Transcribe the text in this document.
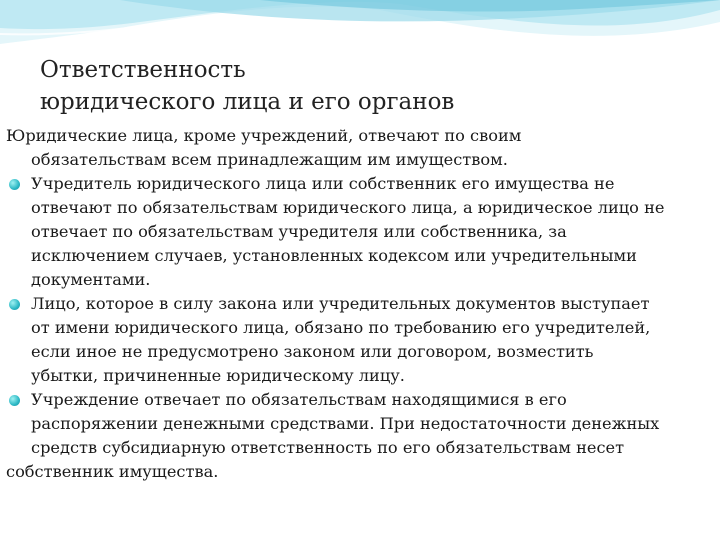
Ответственность
юридического лица и его органов
Юридические лица, кроме учреждений, отвечают по своим
обязательствам всем принадлежащим им имуществом.
Учредитель юридического лица или собственник его имущества не
отвечают по обязательствам юридического лица, а юридическое лицо не
отвечает по обязательствам учредителя или собственника, за
исключением случаев, установленных кодексом или учредительными
документами.
Лицо, которое в силу закона или учредительных документов выступает
от имени юридического лица, обязано по требованию его учредителей,
если иное не предусмотрено законом или договором, возместить
убытки, причиненные юридическому лицу.
Учреждение отвечает по обязательствам находящимися в его
распоряжении денежными средствами. При недостаточности денежных
средств субсидиарную ответственность по его обязательствам несет
собственник имущества.
